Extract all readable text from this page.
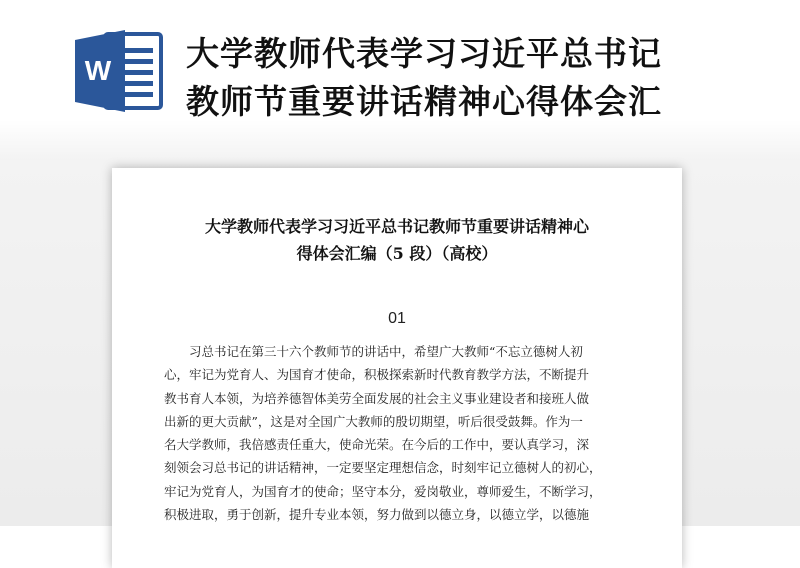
W 大学教师代表学习习近平总书记
教师节重要讲话精神心得体会汇
大学教师代表学习习近平总书记教师节重要讲话精神心
得体会汇编（5 段）（高校）
01
习总书记在第三十六个教师节的讲话中，希望广大教师“不忘立德树人初
心，牢记为党育人、为国育才使命，积极探索新时代教育教学方法，不断提升
教书育人本领，为培养德智体美劳全面发展的社会主义事业建设者和接班人做
出新的更大贡献”，这是对全国广大教师的殷切期望，听后很受鼓舞。作为一
名大学教师，我倍感责任重大，使命光荣。在今后的工作中，要认真学习，深
刻领会习总书记的讲话精神，一定要坚定理想信念，时刻牢记立德树人的初心，
牢记为党育人，为国育才的使命；坚守本分，爱岗敬业，尊师爱生，不断学习，
积极进取，勇于创新，提升专业本领，努力做到以德立身，以德立学，以德施
